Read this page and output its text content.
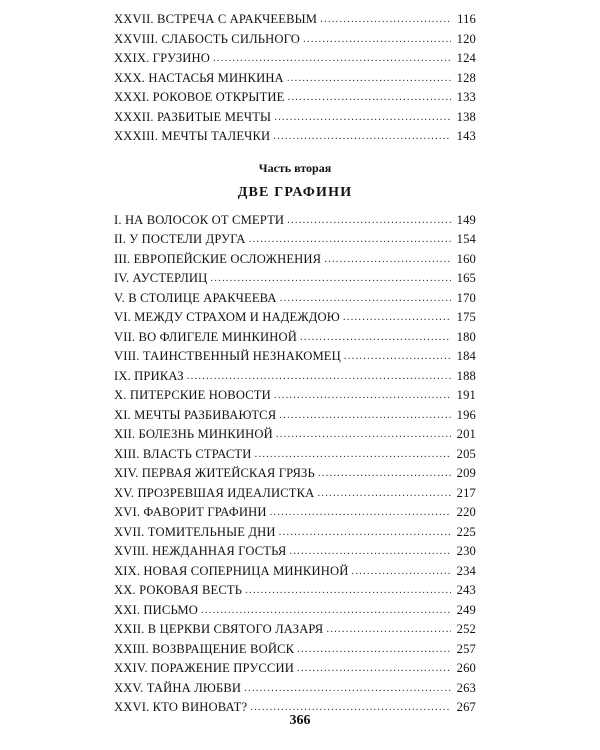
XXVII. ВСТРЕЧА С АРАКЧЕЕВЫМ .....	116
XXVIII. СЛАБОСТЬ СИЛЬНОГО .....	120
XXIX. ГРУЗИНО .....	124
XXX. НАСТАСЬЯ МИНКИНА .....	128
XXXI. РОКОВОЕ ОТКРЫТИЕ .....	133
XXXII. РАЗБИТЫЕ МЕЧТЫ .....	138
XXXIII. МЕЧТЫ ТАЛЕЧКИ .....	143
Часть вторая
ДВЕ ГРАФИНИ
I. НА ВОЛОСОК ОТ СМЕРТИ .....	149
II. У ПОСТЕЛИ ДРУГА .....	154
III. ЕВРОПЕЙСКИЕ ОСЛОЖНЕНИЯ .....	160
IV. АУСТЕРЛИЦ .....	165
V. В СТОЛИЦЕ АРАКЧЕЕВА .....	170
VI. МЕЖДУ СТРАХОМ И НАДЕЖДОЮ .....	175
VII. ВО ФЛИГЕЛЕ МИНКИНОЙ .....	180
VIII. ТАИНСТВЕННЫЙ НЕЗНАКОМЕЦ .....	184
IX. ПРИКАЗ .....	188
X. ПИТЕРСКИЕ НОВОСТИ .....	191
XI. МЕЧТЫ РАЗБИВАЮТСЯ .....	196
XII. БОЛЕЗНЬ МИНКИНОЙ .....	201
XIII. ВЛАСТЬ СТРАСТИ .....	205
XIV. ПЕРВАЯ ЖИТЕЙСКАЯ ГРЯЗЬ .....	209
XV. ПРОЗРЕВШАЯ ИДЕАЛИСТКА .....	217
XVI. ФАВОРИТ ГРАФИНИ .....	220
XVII. ТОМИТЕЛЬНЫЕ ДНИ .....	225
XVIII. НЕЖДАННАЯ ГОСТЬЯ .....	230
XIX. НОВАЯ СОПЕРНИЦА МИНКИНОЙ .....	234
XX. РОКОВАЯ ВЕСТЬ .....	243
XXI. ПИСЬМО .....	249
XXII. В ЦЕРКВИ СВЯТОГО ЛАЗАРЯ .....	252
XXIII. ВОЗВРАЩЕНИЕ ВОЙСК .....	257
XXIV. ПОРАЖЕНИЕ ПРУССИИ .....	260
XXV. ТАЙНА ЛЮБВИ .....	263
XXVI. КТО ВИНОВАТ? .....	267
366
